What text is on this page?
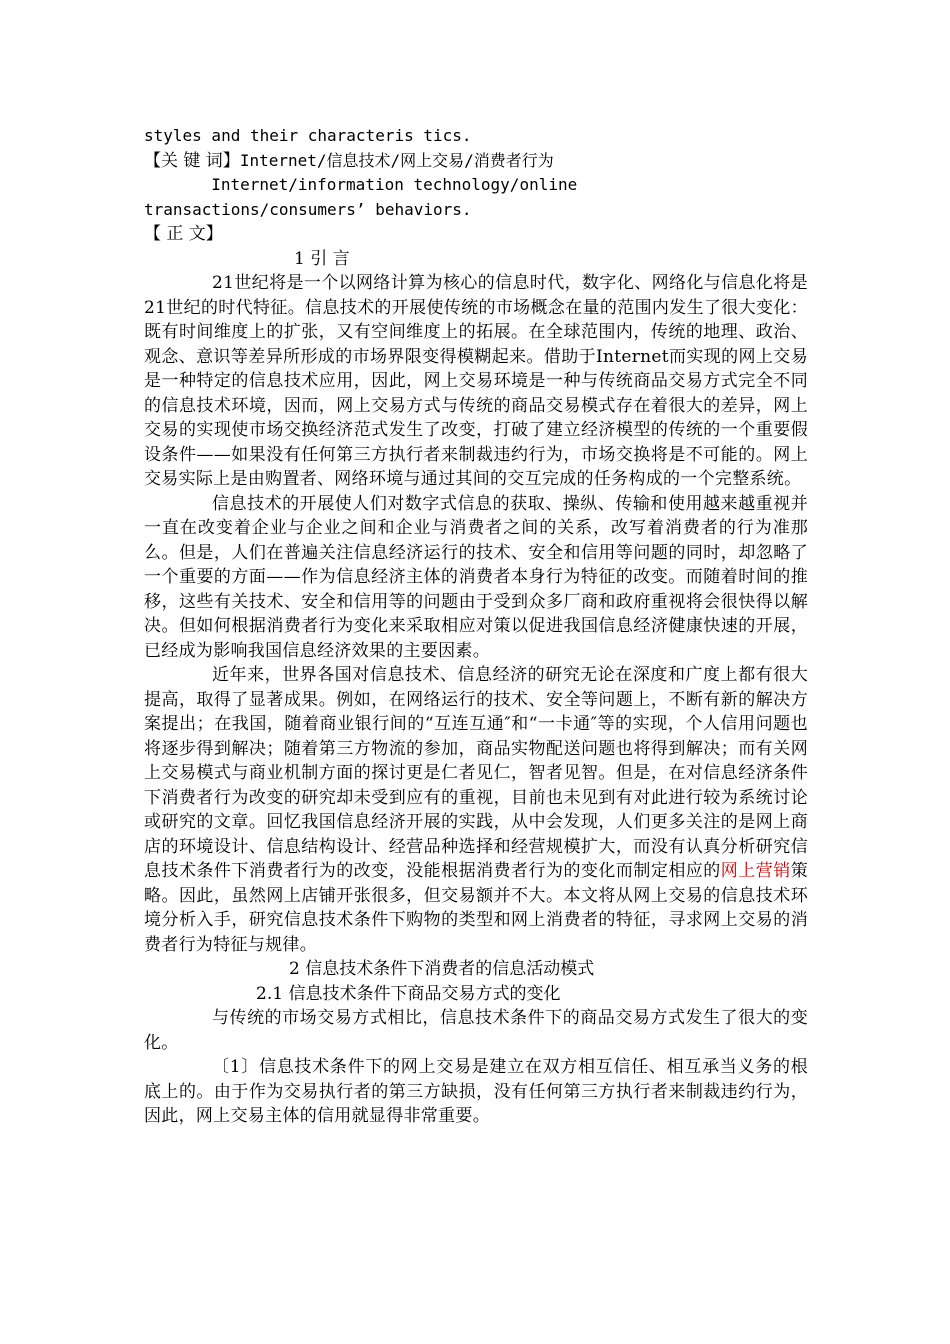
styles and their characteris tics.
【关 键 词】Internet/信息技术/网上交易/消费者行为
Internet/information technology/online
transactions/consumers’ behaviors.
【 正 文】
1 引 言

21世纪将是一个以网络计算为核心的信息时代，数字化、网络化与信息化将是21世纪的时代特征。信息技术的开展使传统的市场概念在量的范围内发生了很大变化：既有时间维度上的扩张，又有空间维度上的拓展。在全球范围内，传统的地理、政治、观念、意识等差异所形成的市场界限变得模糊起来。借助于Internet而实现的网上交易是一种特定的信息技术应用，因此，网上交易环境是一种与传统商品交易方式完全不同的信息技术环境，因而，网上交易方式与传统的商品交易模式存在着很大的差异，网上交易的实现使市场交换经济范式发生了改变，打破了建立经济模型的传统的一个重要假设条件——如果没有任何第三方执行者来制裁违约行为，市场交换将是不可能的。网上交易实际上是由购置者、网络环境与通过其间的交互完成的任务构成的一个完整系统。

信息技术的开展使人们对数字式信息的获取、操纵、传输和使用越来越重视并一直在改变着企业与企业之间和企业与消费者之间的关系，改写着消费者的行为准那么。但是，人们在普遍关注信息经济运行的技术、安全和信用等问题的同时，却忽略了一个重要的方面——作为信息经济主体的消费者本身行为特征的改变。而随着时间的推移，这些有关技术、安全和信用等的问题由于受到众多厂商和政府重视将会很快得以解决。但如何根据消费者行为变化来采取相应对策以促进我国信息经济健康快速的开展，已经成为影响我国信息经济效果的主要因素。

近年来，世界各国对信息技术、信息经济的研究无论在深度和广度上都有很大提高，取得了显著成果。例如，在网络运行的技术、安全等问题上，不断有新的解决方案提出；在我国，随着商业银行间的“互连互通″和“一卡通″等的实现，个人信用问题也将逐步得到解决；随着第三方物流的参加，商品实物配送问题也将得到解决；而有关网上交易模式与商业机制方面的探讨更是仁者见仁，智者见智。但是，在对信息经济条件下消费者行为改变的研究却未受到应有的重视，目前也未见到有对此进行较为系统讨论或研究的文章。回忆我国信息经济开展的实践，从中会发现，人们更多关注的是网上商店的环境设计、信息结构设计、经营品种选择和经营规模扩大，而没有认真分析研究信息技术条件下消费者行为的改变，没能根据消费者行为的变化而制定相应的网上营销策略。因此，虽然网上店铺开张很多，但交易额并不大。本文将从网上交易的信息技术环境分析入手，研究信息技术条件下购物的类型和网上消费者的特征，寻求网上交易的消费者行为特征与规律。

2 信息技术条件下消费者的信息活动模式
2.1 信息技术条件下商品交易方式的变化

与传统的市场交易方式相比，信息技术条件下的商品交易方式发生了很大的变化。

〔1〕信息技术条件下的网上交易是建立在双方相互信任、相互承当义务的根底上的。由于作为交易执行者的第三方缺损，没有任何第三方执行者来制裁违约行为，因此，网上交易主体的信用就显得非常重要。
